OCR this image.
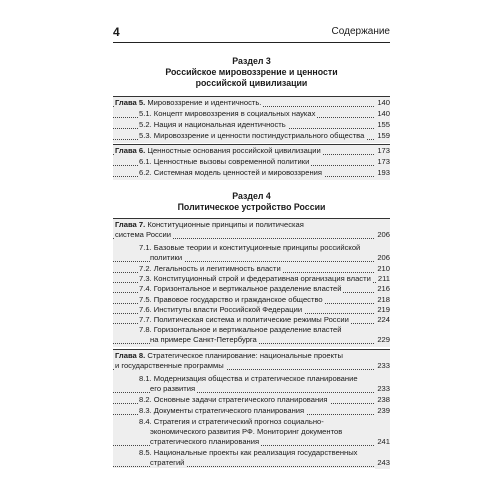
4	Содержание
Раздел 3
Российское мировоззрение и ценности
российской цивилизации
Глава 5. Мировоззрение и идентичность.	140
5.1. Концепт мировоззрения в социальных науках	140
5.2. Нация и национальная идентичность	155
5.3. Мировоззрение и ценности постиндустриального общества 159
Глава 6. Ценностные основания российской цивилизации	173
6.1. Ценностные вызовы современной политики	173
6.2. Системная модель ценностей и мировоззрения	193
Раздел 4
Политическое устройство России
Глава 7. Конституционные принципы и политическая
система России	206
7.1. Базовые теории и конституционные принципы российской
политики	206
7.2. Легальность и легитимность власти	210
7.3. Конституционный строй и федеративная организация власти 211
7.4. Горизонтальное и вертикальное разделение властей	216
7.5. Правовое государство и гражданское общество	218
7.6. Институты власти Российской Федерации	219
7.7. Политическая система и политические режимы России	224
7.8. Горизонтальное и вертикальное разделение властей
на примере Санкт-Петербурга	229
Глава 8. Стратегическое планирование: национальные проекты
и государственные программы	233
8.1. Модернизация общества и стратегическое планирование
его развития	233
8.2. Основные задачи стратегического планирования	238
8.3. Документы стратегического планирования	239
8.4. Стратегия и стратегический прогноз социально-
экономического развития РФ. Мониторинг документов
стратегического планирования	241
8.5. Национальные проекты как реализация государственных
стратегий	243
